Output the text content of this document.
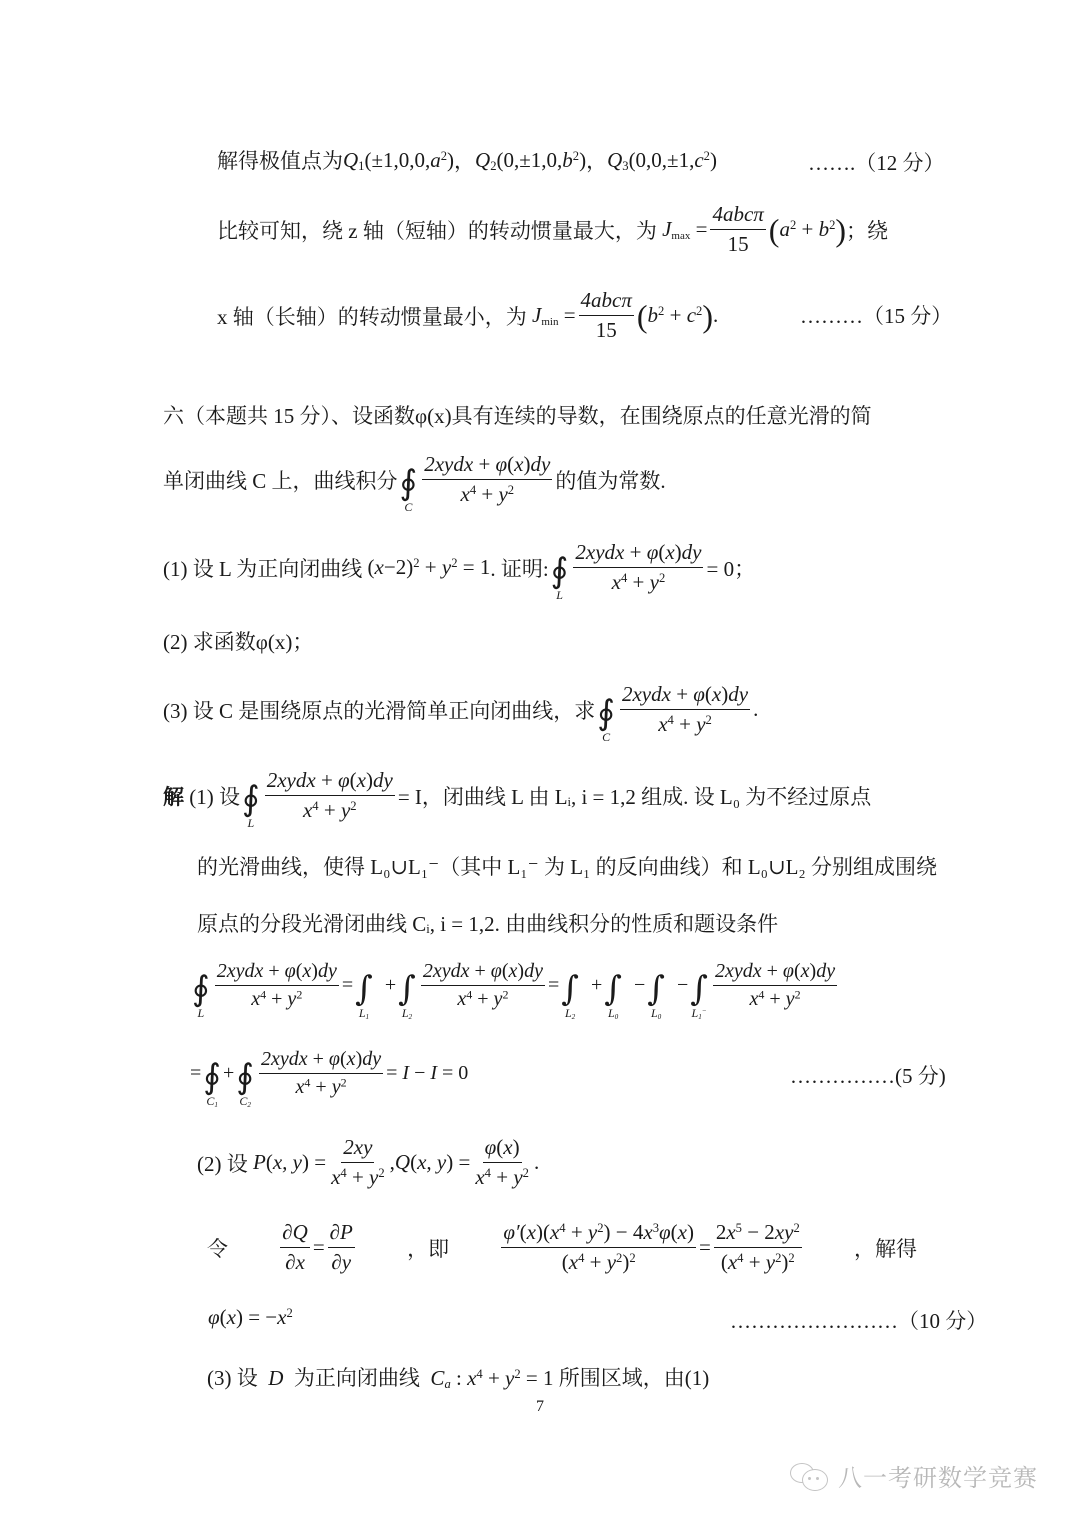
解得极值点为 $Q_1(\pm 1,0,0,a^2)$ ， $Q_2(0,\pm 1,0,b^2)$ ， $Q_3(0,0,\pm 1,c^2)$	…….（12 分）
比较可知，绕 z 轴（短轴）的转动惯量最大，为 $J_{max} = \frac{\text{4abcπ}}{15}$ ( $a^2 + b^2$ ) ；绕
x 轴（长轴）的转动惯量最小，为 $J_{min} = \frac{\text{4abcπ}}{15}$ ( $b^2 + c^2$ ) .	………（15 分）
六（本题共 15 分）、设函数φ(x)具有连续的导数，在围绕原点的任意光滑的简
单闭曲线 C 上，曲线积分 ∮
C $\frac{\text{2xydx + φ(x)dy}}{x^4 + y^2}$ 的值为常数.
(1) 设 L 为正向闭曲线 $(x-2)^2 + y^2 = 1$ . 证明: ∮
L $\frac{\text{2xydx + φ(x)dy}}{x^4 + y^2} = 0$；
(2) 求函数φ(x)；
(3) 设 C 是围绕原点的光滑简单正向闭曲线，求 ∮
C $\frac{\text{2xydx + φ(x)dy}}{x^4 + y^2}$ .
解
(1) 设 ∮
L $\frac{\text{2xydx + φ(x)dy}}{x^4 + y^2} = I$，闭曲线 L 由 Lᵢ, i = 1,2 组成. 设 L₀ 为不经过原点
的光滑曲线，使得 L₀∪L₁⁻（其中 L₁⁻ 为 L₁ 的反向曲线）和 L₀∪L₂ 分别组成围绕
原点的分段光滑闭曲线 Cᵢ, i = 1,2. 由曲线积分的性质和题设条件
∮
L
$\frac{\text{2xydx + φ(x)dy}}{x^4 + y^2}$ = ∫
$L_1$
+ ∫
$L_2$
$\frac{\text{2xydx + φ(x)dy}}{x^4 + y^2}$ = ∫
$L_2$
+ ∫
$L_0$
− ∫
$L_0$
− ∫
$L_1^- \frac{\text{2xydx + φ(x)dy}}{x^4 + y^2}$
= ∮
$C_1$
+ ∮
$C_2$
$\frac{\text{2xydx + φ(x)dy}}{x^4 + y^2} = I - I = 0$	……………(5 分)
(2) 设 P(x, $y) = \frac{2xy}{x^4 + y^2}$ , Q(x, $y) = \frac{\varphi(x)}{x^4 + y^2}$ .
令 $\frac{\partial Q}{\partial x} = \frac{\partial P}{\partial y}$ ，即 $\frac{\varphi'(x)(x^4 + y^2) - 4x^3\varphi(x)}{(x^4 + y^2)^2} = \frac{2x^5 - 2xy^2}{(x^4 + y^2)^2}$ ，解得
$\varphi(x) = -x^2$	……………………（10 分）
(3) 设  D  为正向闭曲线  $C_a$ : $x^4 + y^2 = 1$ 所围区域，由(1)
7
八一考研数学竞赛
